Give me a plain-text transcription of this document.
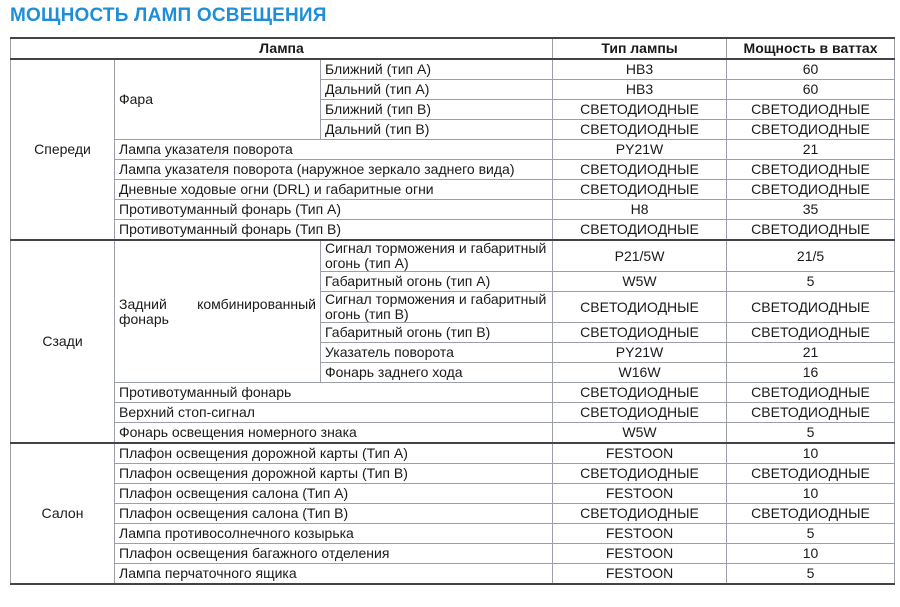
МОЩНОСТЬ ЛАМП ОСВЕЩЕНИЯ
Лампа			Тип лампы	Мощность в ваттах
Спереди	Фара	Ближний (тип A)	HB3	60
		Дальний (тип A)	HB3	60
		Ближний (тип B)	СВЕТОДИОДНЫЕ	СВЕТОДИОДНЫЕ
		Дальний (тип B)	СВЕТОДИОДНЫЕ	СВЕТОДИОДНЫЕ
	Лампа указателя поворота		PY21W	21
	Лампа указателя поворота (наружное зеркало заднего вида)		СВЕТОДИОДНЫЕ	СВЕТОДИОДНЫЕ
	Дневные ходовые огни (DRL) и габаритные огни		СВЕТОДИОДНЫЕ	СВЕТОДИОДНЫЕ
	Противотуманный фонарь (Тип A)		H8	35
	Противотуманный фонарь (Тип B)		СВЕТОДИОДНЫЕ	СВЕТОДИОДНЫЕ
Сзади	Задний комбинированный фонарь	Сигнал торможения и габаритный огонь (тип A)	P21/5W	21/5
		Габаритный огонь (тип A)	W5W	5
		Сигнал торможения и габаритный огонь (тип B)	СВЕТОДИОДНЫЕ	СВЕТОДИОДНЫЕ
		Габаритный огонь (тип B)	СВЕТОДИОДНЫЕ	СВЕТОДИОДНЫЕ
		Указатель поворота	PY21W	21
		Фонарь заднего хода	W16W	16
	Противотуманный фонарь		СВЕТОДИОДНЫЕ	СВЕТОДИОДНЫЕ
	Верхний стоп-сигнал		СВЕТОДИОДНЫЕ	СВЕТОДИОДНЫЕ
	Фонарь освещения номерного знака		W5W	5
Салон	Плафон освещения дорожной карты (Тип A)		FESTOON	10
	Плафон освещения дорожной карты (Тип B)		СВЕТОДИОДНЫЕ	СВЕТОДИОДНЫЕ
	Плафон освещения салона (Тип A)		FESTOON	10
	Плафон освещения салона (Тип B)		СВЕТОДИОДНЫЕ	СВЕТОДИОДНЫЕ
	Лампа противосолнечного козырька		FESTOON	5
	Плафон освещения багажного отделения		FESTOON	10
	Лампа перчаточного ящика		FESTOON	5
